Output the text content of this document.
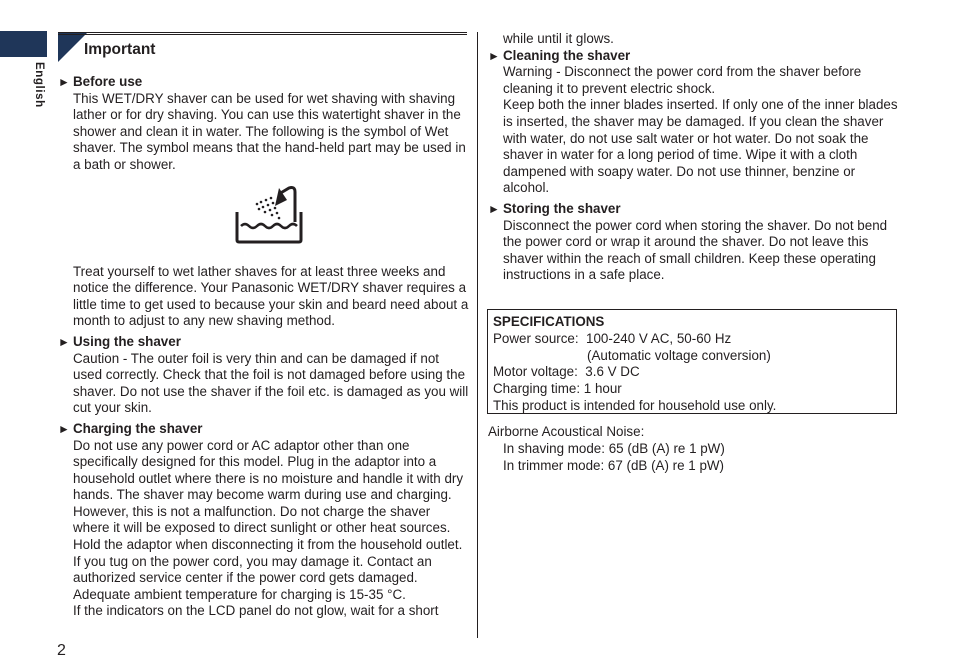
English
Important
► Before use

This WET/DRY shaver can be used for wet shaving with shaving lather or for dry shaving. You can use this watertight shaver in the shower and clean it in water. The following is the symbol of Wet shaver. The symbol means that the hand-held part may be used in a bath or shower.

Treat yourself to wet lather shaves for at least three weeks and notice the difference. Your Panasonic WET/DRY shaver requires a little time to get used to because your skin and beard need about a month to adjust to any new shaving method.

► Using the shaver

Caution - The outer foil is very thin and can be damaged if not used correctly. Check that the foil is not damaged before using the shaver. Do not use the shaver if the foil etc. is damaged as you will cut your skin.

► Charging the shaver

Do not use any power cord or AC adaptor other than one specifically designed for this model. Plug in the adaptor into a household outlet where there is no moisture and handle it with dry hands. The shaver may become warm during use and charging. However, this is not a malfunction. Do not charge the shaver where it will be exposed to direct sunlight or other heat sources. Hold the adaptor when disconnecting it from the household outlet. If you tug on the power cord, you may damage it. Contact an authorized service center if the power cord gets damaged.

Adequate ambient temperature for charging is 15-35 °C.

If the indicators on the LCD panel do not glow, wait for a short

while until it glows.

► Cleaning the shaver

Warning - Disconnect the power cord from the shaver before cleaning it to prevent electric shock.

Keep both the inner blades inserted. If only one of the inner blades is inserted, the shaver may be damaged. If you clean the shaver with water, do not use salt water or hot water. Do not soak the shaver in water for a long period of time. Wipe it with a cloth dampened with soapy water. Do not use thinner, benzine or alcohol.

► Storing the shaver

Disconnect the power cord when storing the shaver. Do not bend the power cord or wrap it around the shaver. Do not leave this shaver within the reach of small children. Keep these operating instructions in a safe place.

SPECIFICATIONS
Power source:  100-240 V AC, 50-60 Hz
(Automatic voltage conversion)
Motor voltage:  3.6 V DC
Charging time: 1 hour
This product is intended for household use only.
Airborne Acoustical Noise:
In shaving mode: 65 (dB (A) re 1 pW)
In trimmer mode: 67 (dB (A) re 1 pW)
2
